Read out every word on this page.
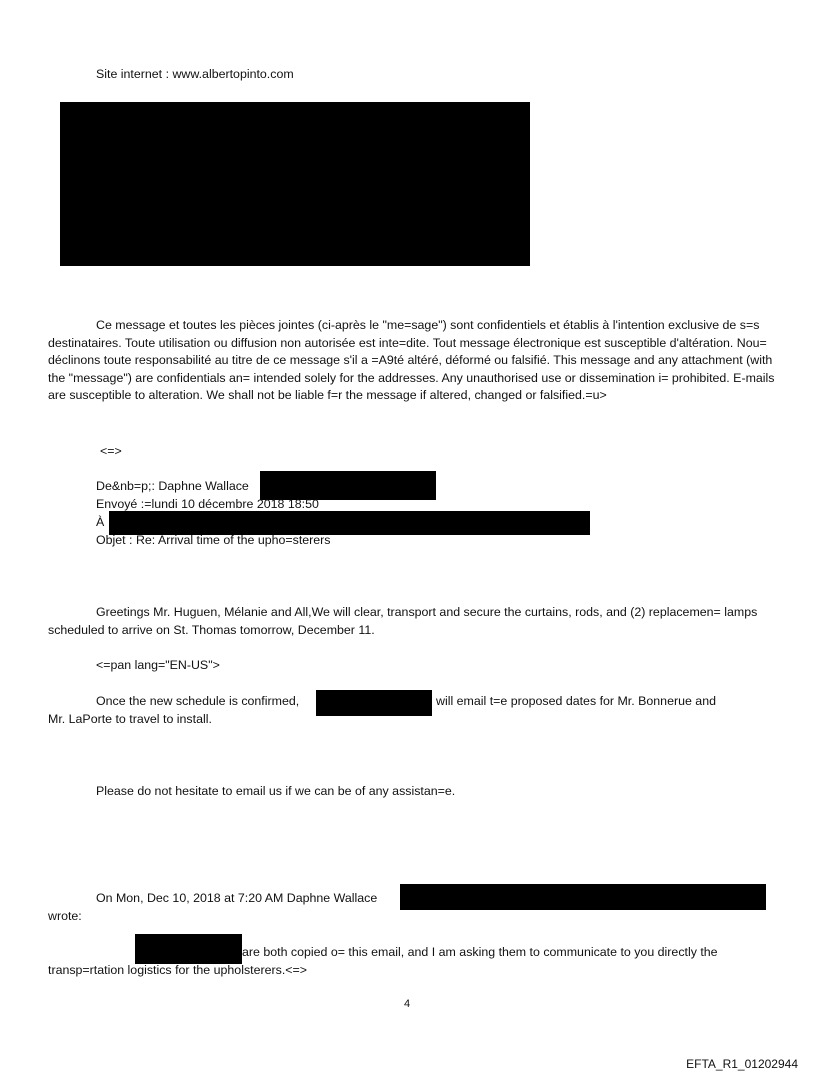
Site internet : www.albertopinto.com

Ce message et toutes les pièces jointes (ci-après le "me=sage") sont confidentiels et établis à l'intention exclusive de s=s destinataires. Toute utilisation ou diffusion non autorisée est inte=dite. Tout message électronique est susceptible d'altération. Nou= déclinons toute responsabilité au titre de ce message s'il a =A9té altéré, déformé ou falsifié. This message and any attachment (with the "message") are confidentials an= intended solely for the addresses. Any unauthorised use or dissemination i= prohibited. E-mails are susceptible to alteration. We shall not be liable f=r the message if altered, changed or falsified.=u>

<=>
De&nb=p;: Daphne Wallace
Envoyé :=lundi 10 décembre 2018 18:50
À
Objet : Re: Arrival time of the upho=sterers

Greetings Mr. Huguen, Mélanie and All,We will clear, transport and secure the curtains, rods, and (2) replacemen= lamps scheduled to arrive on St. Thomas tomorrow, December 11.

<=pan lang="EN-US">
Once the new schedule is confirmed,	will email t=e proposed dates for Mr. Bonnerue and
Mr. LaPorte to travel to install.
Please do not hesitate to email us if we can be of any assistan=e.
On Mon, Dec 10, 2018 at 7:20 AM Daphne Wallace
wrote:
are both copied o= this email, and I am asking them to communicate to you directly the
transp=rtation logistics for the upholsterers.<=>
4
EFTA_R1_01202944
